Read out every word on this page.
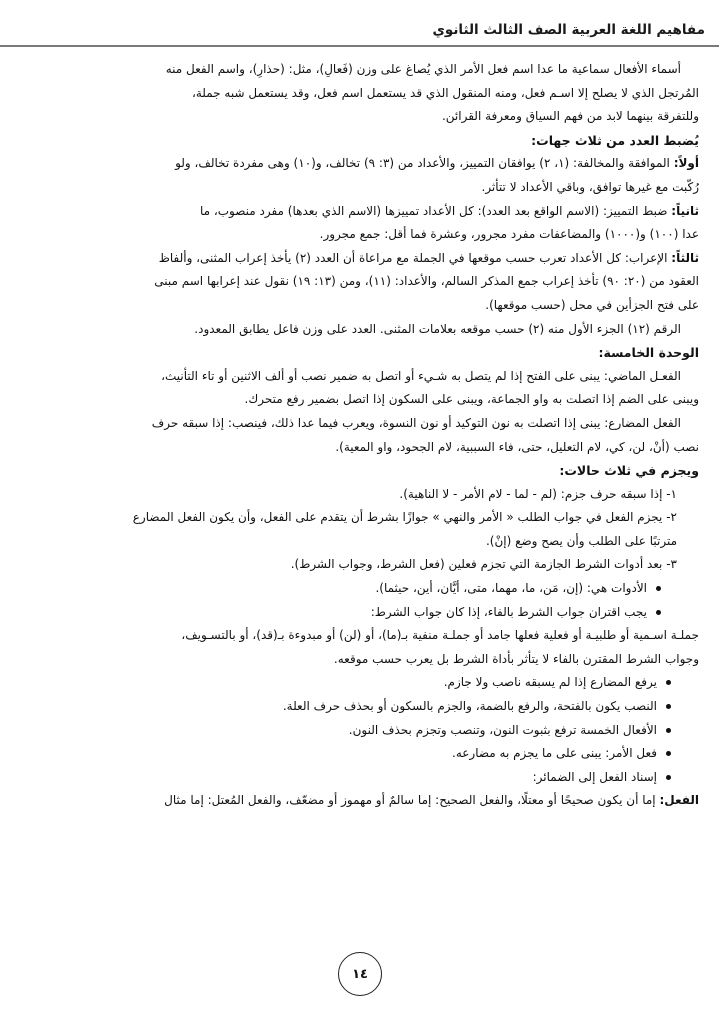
مفاهيم اللغة العربية الصف الثالث الثانوي

أسماء الأفعال سماعية ما عدا اسم فعل الأمر الذي يُصاغ على وزن (فَعالِ)، مثل: (حذارِ)، واسم الفعل منه

المُرتجل الذي لا يصلح إلا اسـم فعل، ومنه المنقول الذي قد يستعمل اسم فعل، وقد يستعمل شبه جملة،

وللتفرقة بينهما لابد من فهم السياق ومعرفة القرائن.

يُضبط العدد من ثلاث جهات:

أولاً: الموافقة والمخالفة: (١، ٢) يوافقان التمييز، والأعداد من (٣: ٩) تخالف، و(١٠) وهى مفردة تخالف، ولو

رُكّبت مع غيرها توافق، وباقي الأعداد لا تتأثر.

ثانياً: ضبط التمييز: (الاسم الواقع بعد العدد): كل الأعداد تمييزها (الاسم الذي بعدها) مفرد منصوب، ما

عدا (١٠٠) و(١٠٠٠) والمضاعفات مفرد مجرور، وعشرة فما أقل: جمع مجرور.

ثالثاً: الإعراب: كل الأعداد تعرب حسب موقعها في الجملة مع مراعاة أن العدد (٢) يأخذ إعراب المثنى، وألفاظ

العقود من (٢٠: ٩٠) تأخذ إعراب جمع المذكر السالم، والأعداد: (١١)، ومن (١٣: ١٩) نقول عند إعرابها اسم مبنى

على فتح الجزأين في محل (حسب موقعها).

الرقم (١٢) الجزء الأول منه (٢) حسب موقعه بعلامات المثنى. العدد على وزن فاعل يطابق المعدود.

الوحدة الخامسة:

الفعـل الماضي: يبنى على الفتح إذا لم يتصل به شـيء أو اتصل به ضمير نصب أو ألف الاثنين أو تاء التأنيث،

ويبنى على الضم إذا اتصلت به واو الجماعة، ويبنى على السكون إذا اتصل بضمير رفع متحرك.

الفعل المضارع: يبنى إذا اتصلت به نون التوكيد أو نون النسوة، ويعرب فيما عدا ذلك، فينصب: إذا سبقه حرف

نصب (أنْ، لن، كي، لام التعليل، حتى، فاء السببية، لام الجحود، واو المعية).

ويجزم في ثلاث حالات:

١- إذا سبقه حرف جزم: (لم - لما - لام الأمر - لا الناهية).

٢- يجزم الفعل في جواب الطلب « الأمر والنهي » جوازًا بشرط أن يتقدم على الفعل، وأن يكون الفعل المضارع

مترتبًا على الطلب وأن يصح وضع (إنْ).

٣- بعد أدوات الشرط الجازمة التي تجزم فعلين (فعل الشرط، وجواب الشرط).

الأدوات هي: (إن، مَن، ما، مهما، متى، أيَّان، أين، حيثما).
يجب اقتران جواب الشرط بالفاء، إذا كان جواب الشرط:

جملـة اسـمية أو طلبيـة أو فعلية فعلها جامد أو جملـة منفية بـ(ما)، أو (لن) أو مبدوءة بـ(قد)، أو بالتسـويف،

وجواب الشرط المقترن بالفاء لا يتأثر بأداة الشرط بل يعرب حسب موقعه.

يرفع المضارع إذا لم يسبقه ناصب ولا جازم.
النصب يكون بالفتحة، والرفع بالضمة، والجزم بالسكون أو بحذف حرف العلة.
الأفعال الخمسة ترفع بثبوت النون، وتنصب وتجزم بحذف النون.
فعل الأمر: يبنى على ما يجزم به مضارعه.
إسناد الفعل إلى الضمائر:

الفعل: إما أن يكون صحيحًا أو معتلًا، والفعل الصحيح: إما سالمٌ أو مهموز أو مضعّف، والفعل المُعتل: إما مثال

١٤
